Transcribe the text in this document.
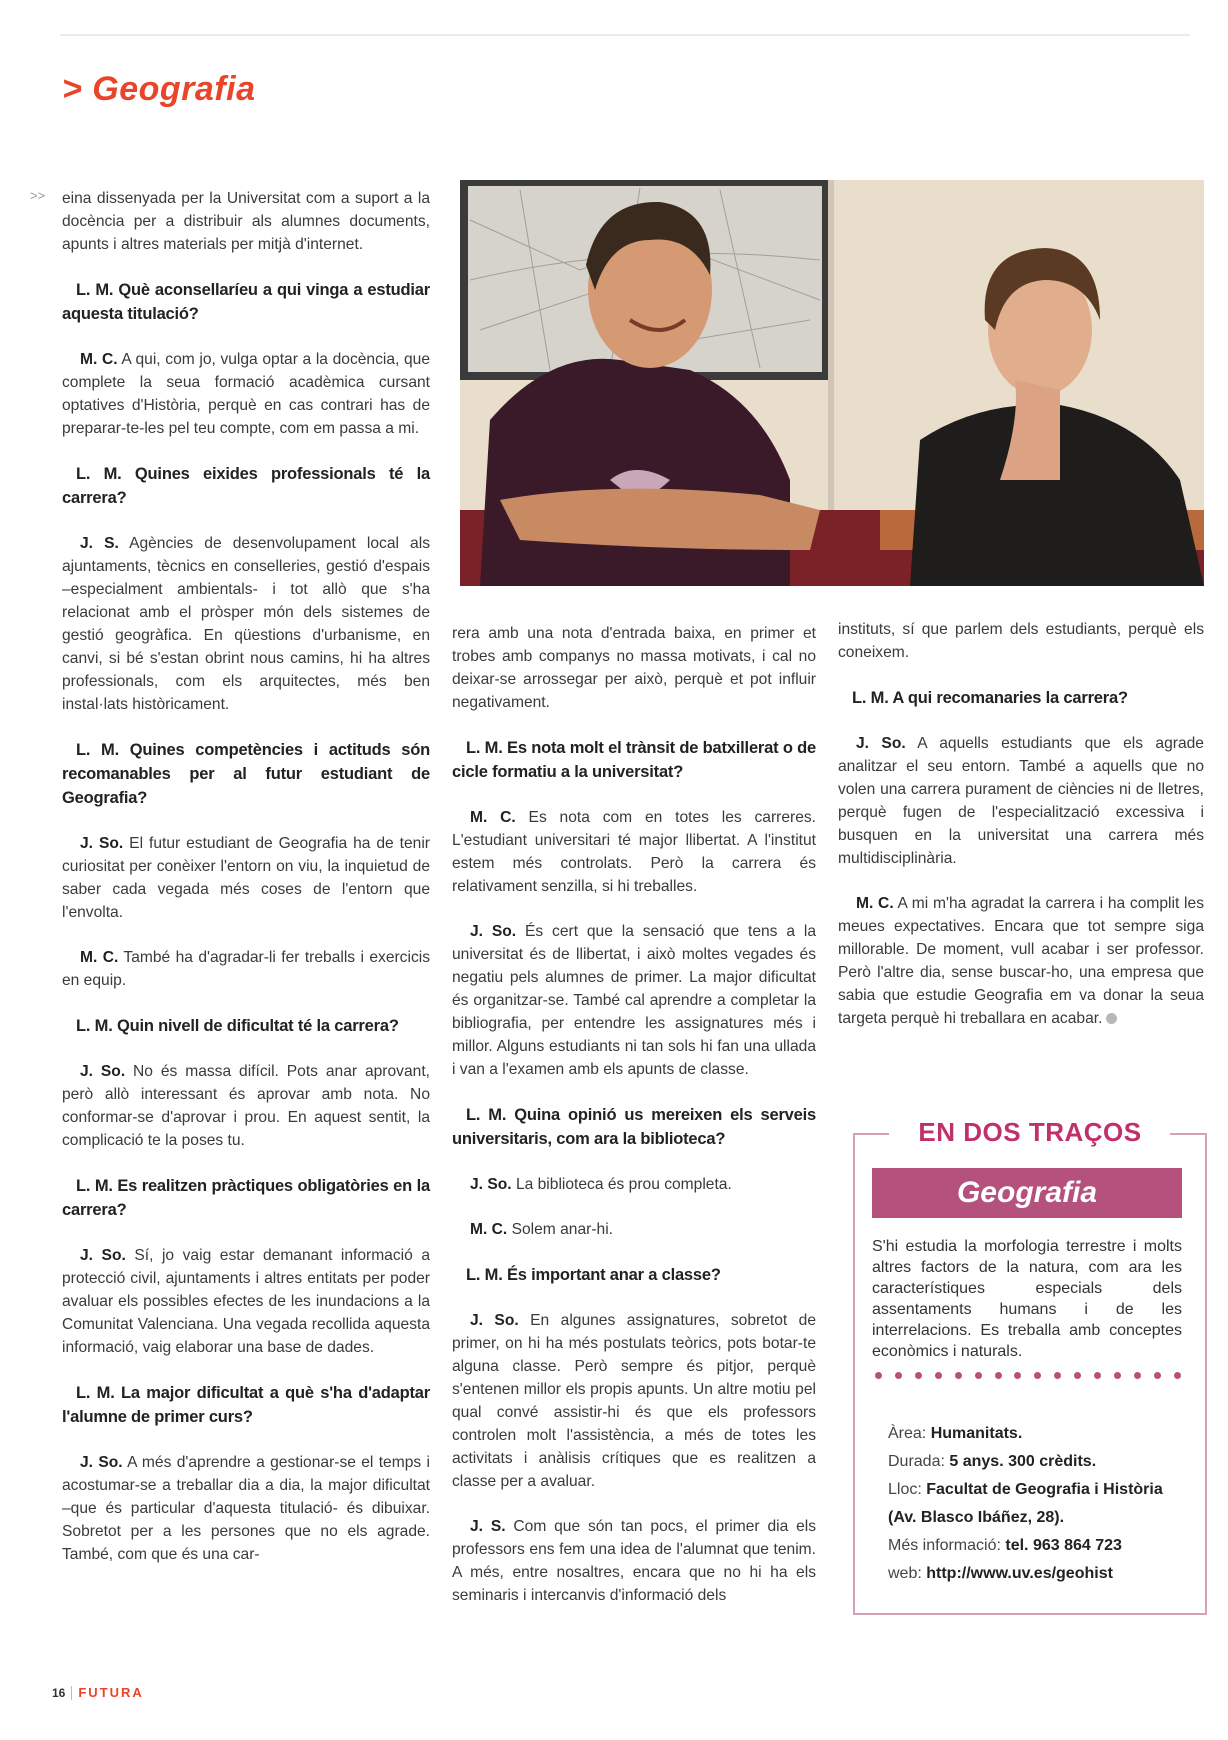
> Geografia
>> eina dissenyada per la Universitat com a suport a la docència per a distribuir als alumnes documents, apunts i altres materials per mitjà d'internet.

L. M. Què aconsellaríeu a qui vinga a estudiar aquesta titulació?

M. C. A qui, com jo, vulga optar a la docència, que complete la seua formació acadèmica cursant optatives d'Història, perquè en cas contrari has de preparar-te-les pel teu compte, com em passa a mi.

L. M. Quines eixides professionals té la carrera?

J. S. Agències de desenvolupament local als ajuntaments, tècnics en conselleries, gestió d'espais –especialment ambientals- i tot allò que s'ha relacionat amb el pròsper món dels sistemes de gestió geogràfica. En qüestions d'urbanisme, en canvi, si bé s'estan obrint nous camins, hi ha altres professionals, com els arquitectes, més ben instal·lats històricament.

L. M. Quines competències i actituds són recomanables per al futur estudiant de Geografia?

J. So. El futur estudiant de Geografia ha de tenir curiositat per conèixer l'entorn on viu, la inquietud de saber cada vegada més coses de l'entorn que l'envolta.

M. C. També ha d'agradar-li fer treballs i exercicis en equip.

L. M. Quin nivell de dificultat té la carrera?

J. So. No és massa difícil. Pots anar aprovant, però allò interessant és aprovar amb nota. No conformar-se d'aprovar i prou. En aquest sentit, la complicació te la poses tu.

L. M. Es realitzen pràctiques obligatòries en la carrera?

J. So. Sí, jo vaig estar demanant informació a protecció civil, ajuntaments i altres entitats per poder avaluar els possibles efectes de les inundacions a la Comunitat Valenciana. Una vegada recollida aquesta informació, vaig elaborar una base de dades.

L. M. La major dificultat a què s'ha d'adaptar l'alumne de primer curs?

J. So. A més d'aprendre a gestionar-se el temps i acostumar-se a treballar dia a dia, la major dificultat –que és particular d'aquesta titulació- és dibuixar. Sobretot per a les persones que no els agrade. També, com que és una car-

rera amb una nota d'entrada baixa, en primer et trobes amb companys no massa motivats, i cal no deixar-se arrossegar per això, perquè et pot influir negativament.

L. M. Es nota molt el trànsit de batxillerat o de cicle formatiu a la universitat?

M. C. Es nota com en totes les carreres. L'estudiant universitari té major llibertat. A l'institut estem més controlats. Però la carrera és relativament senzilla, si hi treballes.

J. So. És cert que la sensació que tens a la universitat és de llibertat, i això moltes vegades és negatiu pels alumnes de primer. La major dificultat és organitzar-se. També cal aprendre a completar la bibliografia, per entendre les assignatures més i millor. Alguns estudiants ni tan sols hi fan una ullada i van a l'examen amb els apunts de classe.

L. M. Quina opinió us mereixen els serveis universitaris, com ara la biblioteca?

J. So. La biblioteca és prou completa.

M. C. Solem anar-hi.

L. M. És important anar a classe?

J. So. En algunes assignatures, sobretot de primer, on hi ha més postulats teòrics, pots botar-te alguna classe. Però sempre és pitjor, perquè s'entenen millor els propis apunts. Un altre motiu pel qual convé assistir-hi és que els professors controlen molt l'assistència, a més de totes les activitats i anàlisis crítiques que es realitzen a classe per a avaluar.

J. S. Com que són tan pocs, el primer dia els professors ens fem una idea de l'alumnat que tenim. A més, entre nosaltres, encara que no hi ha els seminaris i intercanvis d'informació dels

instituts, sí que parlem dels estudiants, perquè els coneixem.

L. M. A qui recomanaries la carrera?

J. So. A aquells estudiants que els agrade analitzar el seu entorn. També a aquells que no volen una carrera purament de ciències ni de lletres, perquè fugen de l'especialització excessiva i busquen en la universitat una carrera més multidisciplinària.

M. C. A mi m'ha agradat la carrera i ha complit les meues expectatives. Encara que tot sempre siga millorable. De moment, vull acabar i ser professor. Però l'altre dia, sense buscar-ho, una empresa que sabia que estudie Geografia em va donar la seua targeta perquè hi treballara en acabar.

EN DOS TRAÇOS
Geografia
S'hi estudia la morfologia terrestre i molts altres factors de la natura, com ara les característiques especials dels assentaments humans i de les interrelacions. Es treballa amb conceptes econòmics i naturals.

Àrea: Humanitats.

Durada: 5 anys. 300 crèdits.

Lloc: Facultat de Geografia i Història (Av. Blasco Ibáñez, 28).

Més informació: tel. 963 864 723

web: http://www.uv.es/geohist

16 FUTURA
